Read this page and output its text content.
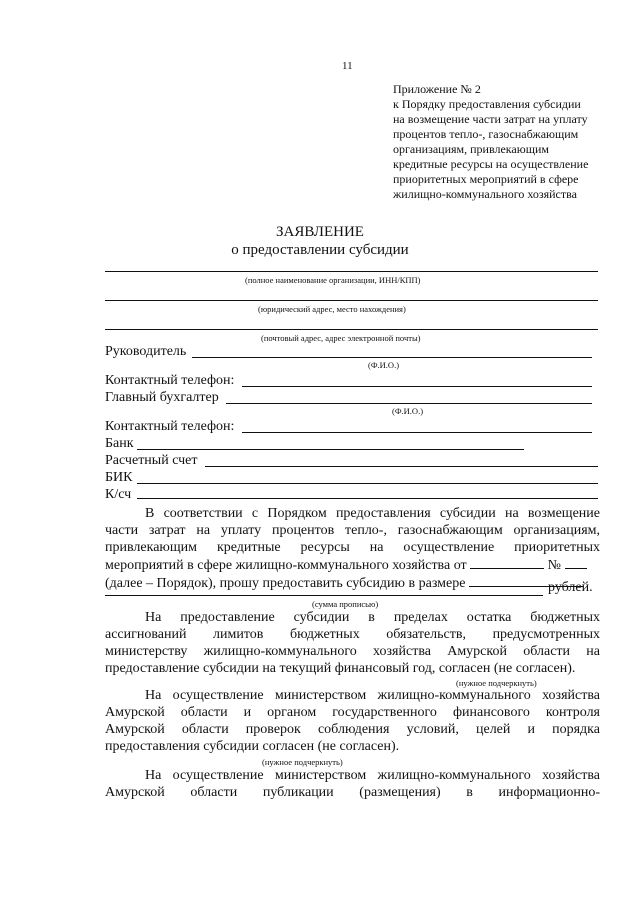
11
Приложение № 2
к Порядку предоставления субсидии
на возмещение части затрат на уплату
процентов тепло-, газоснабжающим
организациям, привлекающим
кредитные ресурсы на осуществление
приоритетных мероприятий в сфере
жилищно-коммунального хозяйства
ЗАЯВЛЕНИЕ
о предоставлении субсидии
(полное наименование организации, ИНН/КПП)
(юридический адрес, место нахождения)
(почтовый адрес, адрес электронной почты)
Руководитель
(Ф.И.О.)
Контактный телефон:
Главный бухгалтер
(Ф.И.О.)
Контактный телефон:
Банк
Расчетный счет
БИК
К/сч
В соответствии с Порядком предоставления субсидии на возмещение
части затрат на уплату процентов тепло-, газоснабжающим организациям,
привлекающим кредитные ресурсы на осуществление приоритетных
мероприятий в сфере жилищно-коммунального хозяйства от	№
(далее – Порядок), прошу предоставить субсидию в размере	рублей.
(сумма прописью)
На предоставление субсидии в пределах остатка бюджетных
ассигнований лимитов бюджетных обязательств, предусмотренных
министерству жилищно-коммунального хозяйства Амурской области на
предоставление субсидии на текущий финансовый год, согласен (не согласен).
(нужное подчеркнуть)
На осуществление министерством жилищно-коммунального хозяйства
Амурской области и органом государственного финансового контроля
Амурской области проверок соблюдения условий, целей и порядка
предоставления субсидии согласен (не согласен).
(нужное подчеркнуть)
На осуществление министерством жилищно-коммунального хозяйства
Амурской области публикации (размещения) в информационно-
